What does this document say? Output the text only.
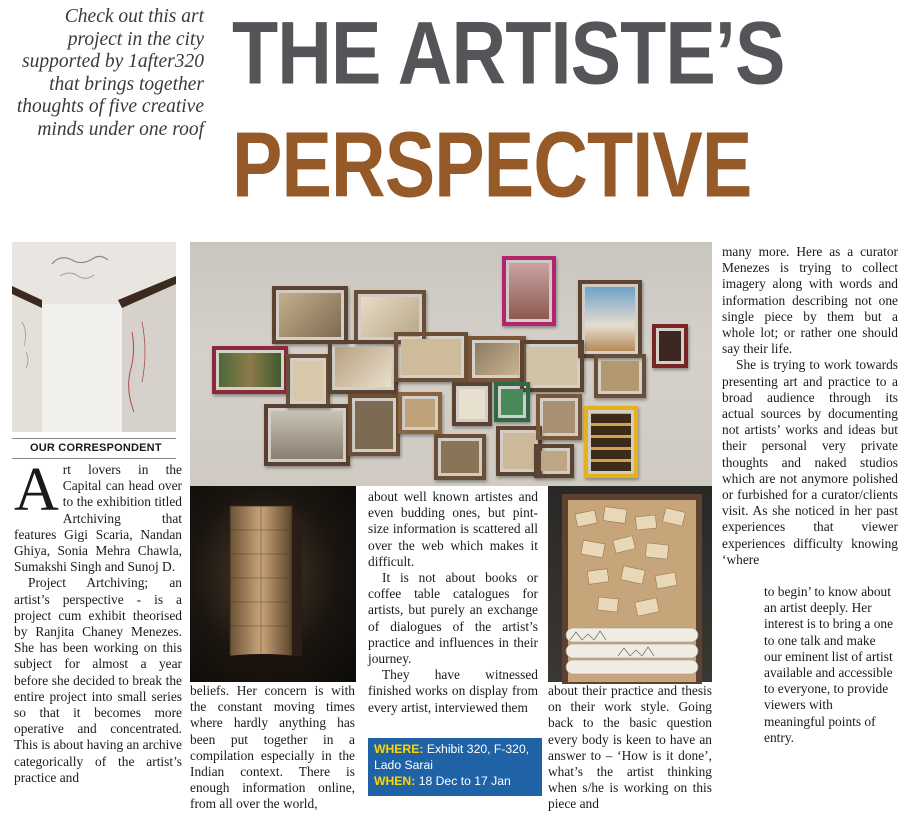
Check out this art project in the city supported by 1after320 that brings together thoughts of five creative minds under one roof
THE ARTISTE’S
PERSPECTIVE
OUR CORRESPONDENT

Art lovers in the Capital can head over to the exhibition titled Artchiving that features Gigi Scaria, Nandan Ghiya, Sonia Mehra Chawla, Sumakshi Singh and Sunoj D.

Project Artchiving; an artist’s perspective - is a project cum exhibit theorised by Ranjita Chaney Menezes. She has been working on this subject for almost a year before she decided to break the entire project into small series so that it becomes more operative and concentrated. This is about having an archive categorically of the artist’s practice and

beliefs. Her concern is with the constant moving times where hardly anything has been put together in a compilation especially in the Indian context. There is enough information online, from all over the world,

about well known artistes and even budding ones, but pint-size information is scattered all over the web which makes it difficult.

It is not about books or coffee table catalogues for artists, but purely an exchange of dialogues of the artist’s practice and influences in their journey.

They have witnessed finished works on display from every artist, interviewed them

WHERE: Exhibit 320, F-320, Lado Sarai
WHEN: 18 Dec to 17 Jan

about their practice and thesis on their work style. Going back to the basic question every body is keen to have an answer to – ‘How is it done’, what’s the artist thinking when s/he is working on this piece and

many more. Here as a curator Menezes is trying to collect imagery along with words and information describing not one single piece by them but a whole lot; or rather one should say their life.

She is trying to work towards presenting art and practice to a broad audience through its actual sources by documenting not artists’ works and ideas but their personal very private thoughts and naked studios which are not anymore polished or furbished for a curator/clients visit. As she noticed in her past experiences that viewer experiences difficulty knowing ‘where

to begin’ to know about an artist deeply. Her interest is to bring a one to one talk and make our eminent list of artist available and accessible to everyone, to provide viewers with meaningful points of entry.
